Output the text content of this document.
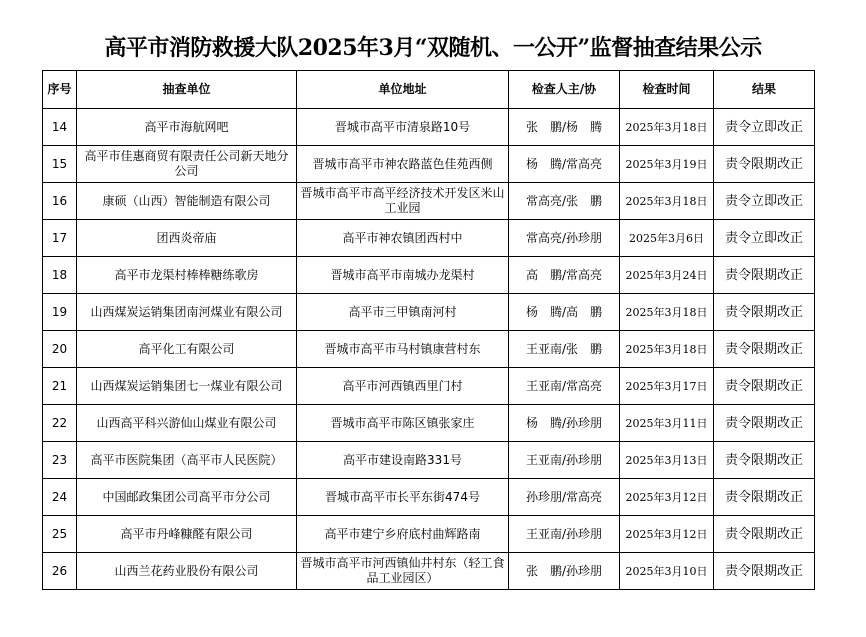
高平市消防救援大队2025年3月“双随机、一公开”监督抽查结果公示
序号	抽查单位	单位地址	检查人主/协	检查时间	结果
14	高平市海航网吧	晋城市高平市清泉路10号	张　鹏/杨　腾	2025年3月18日	责令立即改正
15	高平市佳惠商贸有限责任公司新天地分公司	晋城市高平市神农路蓝色佳苑西侧	杨　腾/常高亮	2025年3月19日	责令限期改正
16	康硕（山西）智能制造有限公司	晋城市高平市高平经济技术开发区米山工业园	常高亮/张　鹏	2025年3月18日	责令立即改正
17	团西炎帝庙	高平市神农镇团西村中	常高亮/孙珍朋	2025年3月6日	责令立即改正
18	高平市龙渠村棒棒糖练歌房	晋城市高平市南城办龙渠村	高　鹏/常高亮	2025年3月24日	责令限期改正
19	山西煤炭运销集团南河煤业有限公司	高平市三甲镇南河村	杨　腾/高　鹏	2025年3月18日	责令限期改正
20	高平化工有限公司	晋城市高平市马村镇康营村东	王亚南/张　鹏	2025年3月18日	责令限期改正
21	山西煤炭运销集团七一煤业有限公司	高平市河西镇西里门村	王亚南/常高亮	2025年3月17日	责令限期改正
22	山西高平科兴游仙山煤业有限公司	晋城市高平市陈区镇张家庄	杨　腾/孙珍朋	2025年3月11日	责令限期改正
23	高平市医院集团（高平市人民医院）	高平市建设南路331号	王亚南/孙珍朋	2025年3月13日	责令限期改正
24	中国邮政集团公司高平市分公司	晋城市高平市长平东街474号	孙珍朋/常高亮	2025年3月12日	责令限期改正
25	高平市丹峰糠醛有限公司	高平市建宁乡府底村曲辉路南	王亚南/孙珍朋	2025年3月12日	责令限期改正
26	山西兰花药业股份有限公司	晋城市高平市河西镇仙井村东（轻工食品工业园区）	张　鹏/孙珍朋	2025年3月10日	责令限期改正
